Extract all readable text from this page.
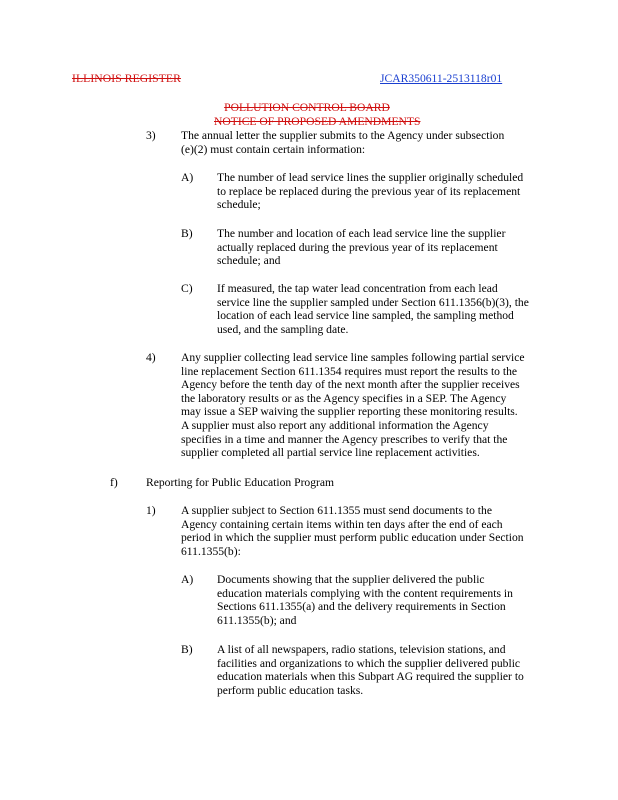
ILLINOIS REGISTER	JCAR350611-2513118r01
POLLUTION CONTROL BOARD
NOTICE OF PROPOSED AMENDMENTS
3) The annual letter the supplier submits to the Agency under subsection
(e)(2) must contain certain information:
A) The number of lead service lines the supplier originally scheduled
to replace be replaced during the previous year of its replacement
schedule;
B) The number and location of each lead service line the supplier
actually replaced during the previous year of its replacement
schedule; and
C) If measured, the tap water lead concentration from each lead
service line the supplier sampled under Section 611.1356(b)(3), the
location of each lead service line sampled, the sampling method
used, and the sampling date.
4) Any supplier collecting lead service line samples following partial service
line replacement Section 611.1354 requires must report the results to the
Agency before the tenth day of the next month after the supplier receives
the laboratory results or as the Agency specifies in a SEP. The Agency
may issue a SEP waiving the supplier reporting these monitoring results.
A supplier must also report any additional information the Agency
specifies in a time and manner the Agency prescribes to verify that the
supplier completed all partial service line replacement activities.
f) Reporting for Public Education Program
1) A supplier subject to Section 611.1355 must send documents to the
Agency containing certain items within ten days after the end of each
period in which the supplier must perform public education under Section
611.1355(b):
A) Documents showing that the supplier delivered the public
education materials complying with the content requirements in
Sections 611.1355(a) and the delivery requirements in Section
611.1355(b); and
B) A list of all newspapers, radio stations, television stations, and
facilities and organizations to which the supplier delivered public
education materials when this Subpart AG required the supplier to
perform public education tasks.
